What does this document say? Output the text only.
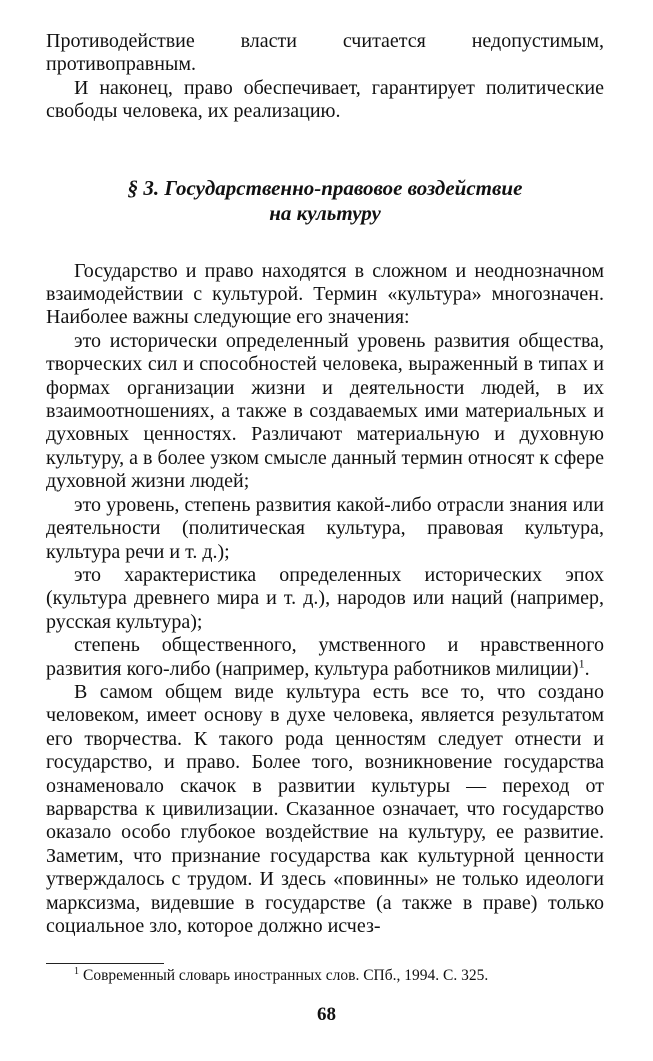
Противодействие власти считается недопустимым, противоправным.

И наконец, право обеспечивает, гарантирует политические свободы человека, их реализацию.

§ 3. Государственно-правовое воздействие
на культуру

Государство и право находятся в сложном и неоднозначном взаимодействии с культурой. Термин «культура» многозначен. Наиболее важны следующие его значения:

это исторически определенный уровень развития общества, творческих сил и способностей человека, выраженный в типах и формах организации жизни и деятельности людей, в их взаимоотношениях, а также в создаваемых ими материальных и духовных ценностях. Различают материальную и духовную культуру, а в более узком смысле данный термин относят к сфере духовной жизни людей;

это уровень, степень развития какой-либо отрасли знания или деятельности (политическая культура, правовая культура, культура речи и т. д.);

это характеристика определенных исторических эпох (культура древнего мира и т. д.), народов или наций (например, русская культура);

степень общественного, умственного и нравственного развития кого-либо (например, культура работников милиции)$^1$.

В самом общем виде культура есть все то, что создано человеком, имеет основу в духе человека, является результатом его творчества. К такого рода ценностям следует отнести и государство, и право. Более того, возникновение государства ознаменовало скачок в развитии культуры — переход от варварства к цивилизации. Сказанное означает, что государство оказало особо глубокое воздействие на культуру, ее развитие. Заметим, что признание государства как культурной ценности утверждалось с трудом. И здесь «повинны» не только идеологи марксизма, видевшие в государстве (а также в праве) только социальное зло, которое должно исчез-

$^1$ Современный словарь иностранных слов. СПб., 1994. С. 325.
68
